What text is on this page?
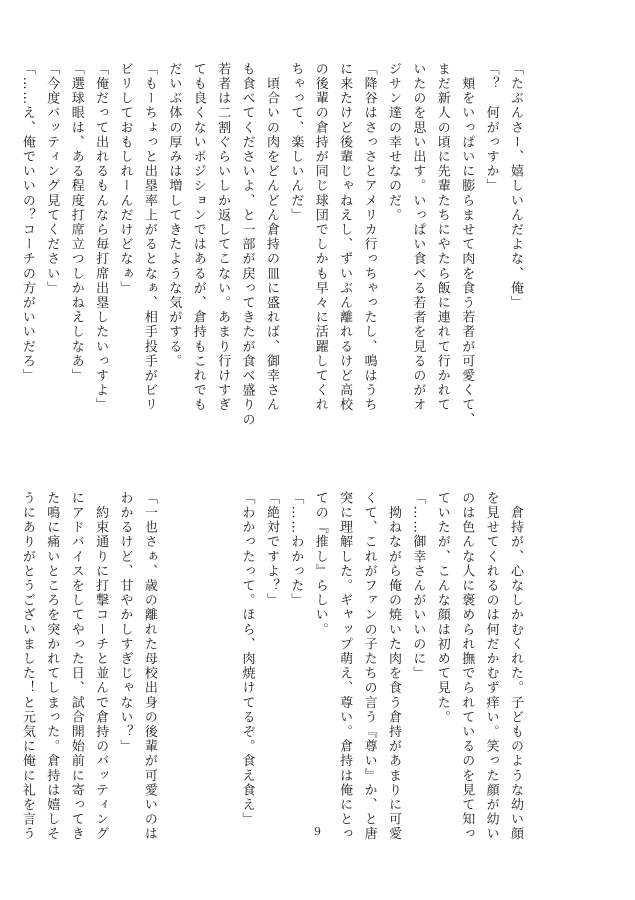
「たぶんさー、嬉しいんだよな、俺」
「？　何がっすか」
　頬をいっぱいに膨らませて肉を食う若者が可愛くて、
まだ新人の頃に先輩たちにやたら飯に連れて行かれて
いたのを思い出す。いっぱい食べる若者を見るのがオ
ジサン達の幸せなのだ。
「降谷はさっさとアメリカ行っちゃったし、鳴はうち
に来たけど後輩じゃねえし、ずいぶん離れるけど高校
の後輩の倉持が同じ球団でしかも早々に活躍してくれ
ちゃって、楽しいんだ」
　頃合いの肉をどんどん倉持の皿に盛れば、御幸さん
も食べてくださいよ、と一部が戻ってきたが食べ盛りの
若者は二割ぐらいしか返してこない。あまり行けすぎ
ても良くないポジションではあるが、倉持もこれでも
だいぶ体の厚みは増してきたような気がする。
「もーちょっと出塁率上がるとなぁ、相手投手がビリ
ビリしておもしれーんだけどなぁ」
「俺だって出れるもんなら毎打席出塁したいっすよ」
「選球眼は、ある程度打席立つしかねえしなあ」
「今度バッティング見てください」
「……え、俺でいいの？コーチの方がいいだろ」
　倉持が、心なしかむくれた。子どものような幼い顔
を見せてくれるのは何だかむず痒い。笑った顔が幼い
のは色んな人に褒められ撫でられているのを見て知っ
ていたが、こんな顔は初めて見た。
「……御幸さんがいいのに」
　拗ねながら俺の焼いた肉を食う倉持があまりに可愛
くて、これがファンの子たちの言う『尊い』か、と唐
突に理解した。ギャップ萌え、尊い。倉持は俺にとっ
ての『推し』らしい。
「……わかった」
「絶対ですよ？」
「わかったって。ほら、肉焼けてるぞ。食え食え」

「一也さぁ、歳の離れた母校出身の後輩が可愛いのは
わかるけど、甘やかしすぎじゃない？」
　約束通りに打撃コーチと並んで倉持のバッティング
にアドバイスをしてやった日、試合開始前に寄ってき
た鳴に痛いところを突かれてしまった。倉持は嬉しそ
うにありがとうございました！と元気に俺に礼を言う	9
